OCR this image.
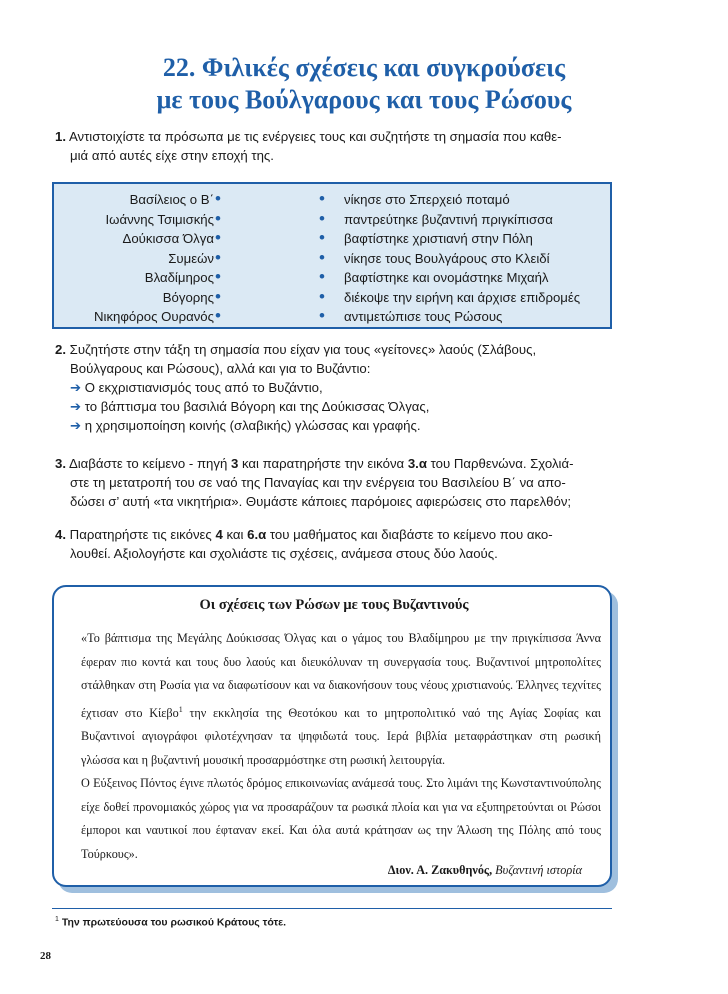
22. Φιλικές σχέσεις και συγκρούσεις
με τους Βούλγαρους και τους Ρώσους
1. Αντιστοιχίστε τα πρόσωπα με τις ενέργειες τους και συζητήστε τη σημασία που καθε-
μιά από αυτές είχε στην εποχή της.
Βασίλειος ο Β΄ •	• νίκησε στο Σπερχειό ποταμό
Ιωάννης Τσιμισκής •	• παντρεύτηκε βυζαντινή πριγκίπισσα
Δούκισσα Όλγα •	• βαφτίστηκε χριστιανή στην Πόλη
Συμεών •	• νίκησε τους Βουλγάρους στο Κλειδί
Βλαδίμηρος •	• βαφτίστηκε και ονομάστηκε Μιχαήλ
Βόγορης •	• διέκοψε την ειρήνη και άρχισε επιδρομές
Νικηφόρος Ουρανός •	• αντιμετώπισε τους Ρώσους
2. Συζητήστε στην τάξη τη σημασία που είχαν για τους «γείτονες» λαούς (Σλάβους,
Βούλγαρους και Ρώσους), αλλά και για το Βυζάντιο:
➔ Ο εκχριστιανισμός τους από το Βυζάντιο,
➔ το βάπτισμα του βασιλιά Βόγορη και της Δούκισσας Όλγας,
➔ η χρησιμοποίηση κοινής (σλαβικής) γλώσσας και γραφής.
3. Διαβάστε το κείμενο - πηγή 3 και παρατηρήστε την εικόνα 3.α του Παρθενώνα. Σχολιά-
στε τη μετατροπή του σε ναό της Παναγίας και την ενέργεια του Βασιλείου Β΄ να απο-
δώσει σ’ αυτή «τα νικητήρια». Θυμάστε κάποιες παρόμοιες αφιερώσεις στο παρελθόν;
4. Παρατηρήστε τις εικόνες 4 και 6.α του μαθήματος και διαβάστε το κείμενο που ακο-
λουθεί. Αξιολογήστε και σχολιάστε τις σχέσεις, ανάμεσα στους δύο λαούς.
Οι σχέσεις των Ρώσων με τους Βυζαντινούς

«Το βάπτισμα της Μεγάλης Δούκισσας Όλγας και ο γάμος του Βλαδίμηρου με την πριγκίπισσα Άννα έφεραν πιο κοντά και τους δυο λαούς και διευκόλυναν τη συνεργασία τους. Βυζαντινοί μητροπολίτες στάλθηκαν στη Ρωσία για να διαφωτίσουν και να διακονήσουν τους νέους χριστιανούς. Έλληνες τεχνίτες έχτισαν στο Κίεβο$^1$ την εκκλησία της Θεοτόκου και το μητροπολιτικό ναό της Αγίας Σοφίας και Βυζαντινοί αγιογράφοι φιλοτέχνησαν τα ψηφιδωτά τους. Ιερά βιβλία μεταφράστηκαν στη ρωσική γλώσσα και η βυζαντινή μουσική προσαρμόστηκε στη ρωσική λειτουργία.

Ο Εύξεινος Πόντος έγινε πλωτός δρόμος επικοινωνίας ανάμεσά τους. Στο λιμάνι της Κωνσταντινούπολης είχε δοθεί προνομιακός χώρος για να προσαράζουν τα ρωσικά πλοία και για να εξυπηρετούνται οι Ρώσοι έμποροι και ναυτικοί που έφταναν εκεί. Και όλα αυτά κράτησαν ως την Άλωση της Πόλης από τους Τούρκους».

Διον. Α. Ζακυθηνός, Βυζαντινή ιστορία
$^1$ Την πρωτεύουσα του ρωσικού Κράτους τότε.
28
